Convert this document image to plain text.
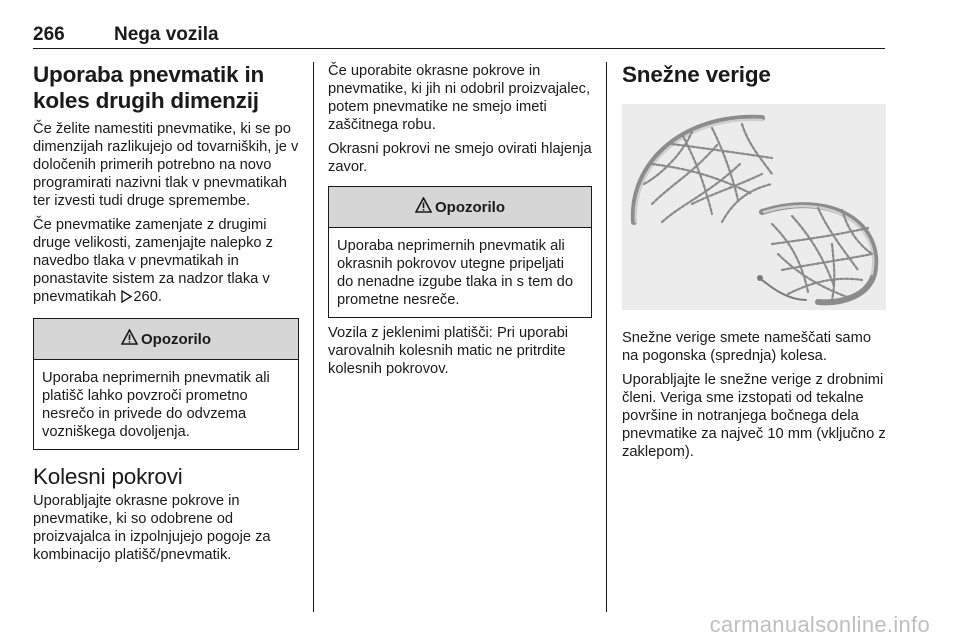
266	Nega vozila
Uporaba pnevmatik in koles drugih dimenzij

Če želite namestiti pnevmatike, ki se po dimenzijah razlikujejo od tovarniških, je v določenih primerih potrebno na novo programirati nazivni tlak v pnevmatikah ter izvesti tudi druge spremembe.

Če pnevmatike zamenjate z drugimi druge velikosti, zamenjajte nalepko z navedbo tlaka v pnevmatikah in ponastavite sistem za nadzor tlaka v pnevmatikah 260.

Opozorilo

Uporaba neprimernih pnevmatik ali platišč lahko povzroči prometno nesrečo in privede do odvzema vozniškega dovoljenja.

Kolesni pokrovi

Uporabljajte okrasne pokrove in pnevmatike, ki so odobrene od proizvajalca in izpolnjujejo pogoje za kombinacijo platišč/pnevmatik.

Če uporabite okrasne pokrove in pnevmatike, ki jih ni odobril proizvajalec, potem pnevmatike ne smejo imeti zaščitnega robu.

Okrasni pokrovi ne smejo ovirati hlajenja zavor.

Opozorilo

Uporaba neprimernih pnevmatik ali okrasnih pokrovov utegne pripeljati do nenadne izgube tlaka in s tem do prometne nesreče.

Vozila z jeklenimi platišči: Pri uporabi varovalnih kolesnih matic ne pritrdite kolesnih pokrovov.

Snežne verige

Snežne verige smete nameščati samo na pogonska (sprednja) kolesa.

Uporabljajte le snežne verige z drobnimi členi. Veriga sme izstopati od tekalne površine in notranjega bočnega dela pnevmatike za največ 10 mm (vključno z zaklepom).

carmanualsonline.info
